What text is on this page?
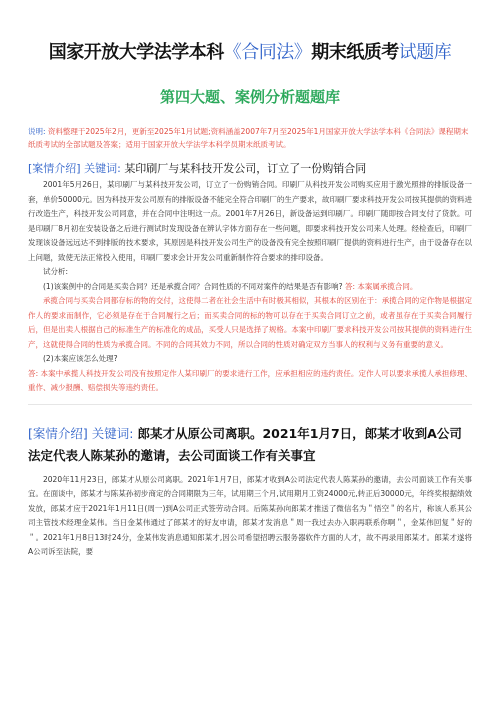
国家开放大学法学本科《合同法》期末纸质考试题库
第四大题、案例分析题题库

说明: 资料整理于2025年2月，更新至2025年1月试题;资料涵盖2007年7月至2025年1月国家开放大学法学本科《合同法》课程期末纸质考试的全部试题及答案；适用于国家开放大学法学本科学员期末纸质考试。

[案情介绍] 关键词: 某印刷厂与某科技开发公司，订立了一份购销合同

2001年5月26日，某印刷厂与某科技开发公司，订立了一份购销合同。印刷厂从科技开发公司购买应用于激光照排的排版设备一套，单价50000元。因为科技开发公司原有的排版设备不能完全符合印刷厂的生产要求，故印刷厂要求科技开发公司按其提供的资料进行改造生产，科技开发公司同意，并在合同中注明这一点。2001年7月26日，新设备运到印刷厂。印刷厂随即按合同支付了货款。可是印刷厂8月初在安装设备之后进行测试时发现设备在辨认字体方面存在一些问题，即要求科技开发公司来人处理。经检查后，印刷厂发现该设备远远达不到排版的技术要求，其原因是科技开发公司生产的设备没有完全按照印刷厂提供的资料进行生产，由于设备存在以上问题，致使无法正常投入使用，印刷厂要求会计开发公司重新制作符合要求的排印设备。

试分析:

(1)该案例中的合同是买卖合同？还是承揽合同？合同性质的不同对案件的结果是否有影响? 答: 本案属承揽合同。

承揽合同与买卖合同都存标的物的交付，这使得二者在社会生活中有时极其相似，其根本的区别在于：承揽合同的定作物是根据定作人的要求而制作，它必须是存在于合同履行之后；而买卖合同的标的物可以存在于买卖合同订立之前，或者虽存在于买卖合同履行后，但是出卖人根据自己的标准生产的标准化的成品，买受人只是选择了规格。本案中印刷厂要求科技开发公司按其提供的资料进行生产，这就使得合同的性质为承揽合同。不同的合同其效力不同，所以合同的性质对确定双方当事人的权利与义务有重要的意义。

(2)本案应该怎么处理?

答: 本案中承揽人科技开发公司没有按照定作人某印刷厂的要求进行工作，应承担相应的违约责任。定作人可以要求承揽人承担修理、重作、减少报酬、赔偿损失等违约责任。

[案情介绍] 关键词: 郎某才从原公司离职。2021年1月7日，郎某才收到A公司法定代表人陈某孙的邀请，去公司面谈工作有关事宜

2020年11月23日，郎某才从原公司离职。2021年1月7日，郎某才收到A公司法定代表人陈某孙的邀请，去公司面谈工作有关事宜。在面谈中，郎某才与陈某孙初步商定的合同期限为三年，试用期三个月,试用期月工资24000元,转正后30000元，年终奖根据绩效发放，郎某才应于2021年1月11日(周一)到A公司正式签劳动合同。后陈某孙向郎某才推送了微信名为＂悟空＂的名片，称该人系其公司主管技术经理金某伟。当日金某伟通过了郎某才的好友申请，郎某才发消息＂周一我过去办入职再联系你啊＂，金某伟回复＂好的＂。2021年1月8日13时24分，金某伟发消息通知郎某才,因公司希望招聘云服务器软件方面的人才，故不再录用郎某才。郎某才遂将A公司诉至法院，要
